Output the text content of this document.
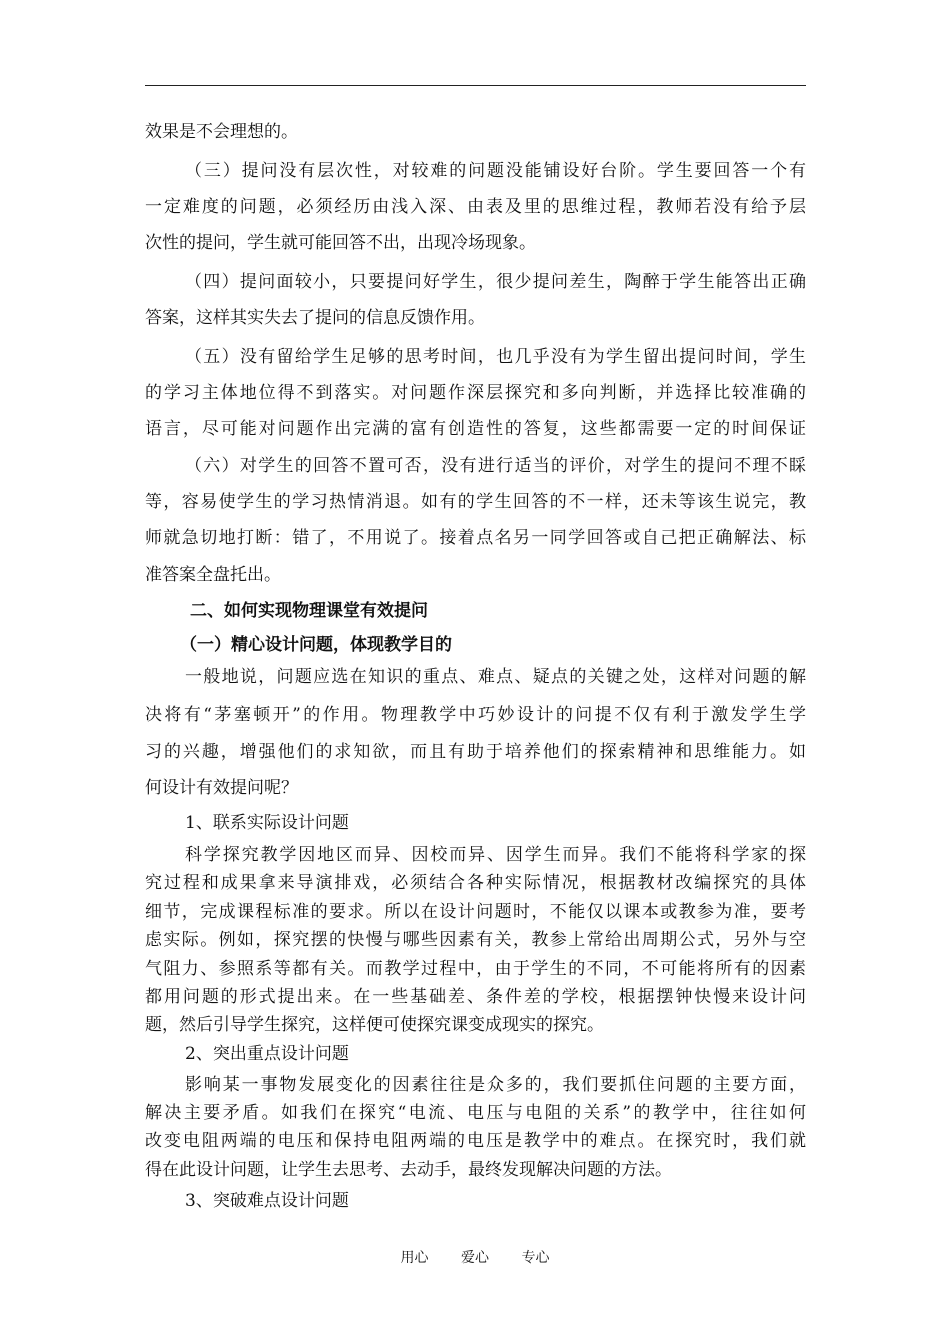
效果是不会理想的。
（三）提问没有层次性，对较难的问题没能铺设好台阶。学生要回答一个有
一定难度的问题，必须经历由浅入深、由表及里的思维过程，教师若没有给予层
次性的提问，学生就可能回答不出，出现冷场现象。
（四）提问面较小，只要提问好学生，很少提问差生，陶醉于学生能答出正确
答案，这样其实失去了提问的信息反馈作用。
（五）没有留给学生足够的思考时间，也几乎没有为学生留出提问时间，学生
的学习主体地位得不到落实。对问题作深层探究和多向判断，并选择比较准确的
语言，尽可能对问题作出完满的富有创造性的答复，这些都需要一定的时间保证
（六）对学生的回答不置可否，没有进行适当的评价，对学生的提问不理不睬
等，容易使学生的学习热情消退。如有的学生回答的不一样，还未等该生说完，教
师就急切地打断：错了，不用说了。接着点名另一同学回答或自己把正确解法、标
准答案全盘托出。
二、如何实现物理课堂有效提问
（一）精心设计问题，体现教学目的
一般地说，问题应选在知识的重点、难点、疑点的关键之处，这样对问题的解
决将有“茅塞顿开”的作用。物理教学中巧妙设计的问提不仅有利于激发学生学
习的兴趣，增强他们的求知欲，而且有助于培养他们的探索精神和思维能力。如
何设计有效提问呢？
1、联系实际设计问题
科学探究教学因地区而异、因校而异、因学生而异。我们不能将科学家的探
究过程和成果拿来导演排戏，必须结合各种实际情况，根据教材改编探究的具体
细节，完成课程标准的要求。所以在设计问题时，不能仅以课本或教参为准，要考
虑实际。例如，探究摆的快慢与哪些因素有关，教参上常给出周期公式，另外与空
气阻力、参照系等都有关。而教学过程中，由于学生的不同，不可能将所有的因素
都用问题的形式提出来。在一些基础差、条件差的学校，根据摆钟快慢来设计问
题，然后引导学生探究，这样便可使探究课变成现实的探究。
2、突出重点设计问题
影响某一事物发展变化的因素往往是众多的，我们要抓住问题的主要方面，
解决主要矛盾。如我们在探究“电流、电压与电阻的关系”的教学中，往往如何
改变电阻两端的电压和保持电阻两端的电压是教学中的难点。在探究时，我们就
得在此设计问题，让学生去思考、去动手，最终发现解决问题的方法。
3、突破难点设计问题
用心 爱心 专心
